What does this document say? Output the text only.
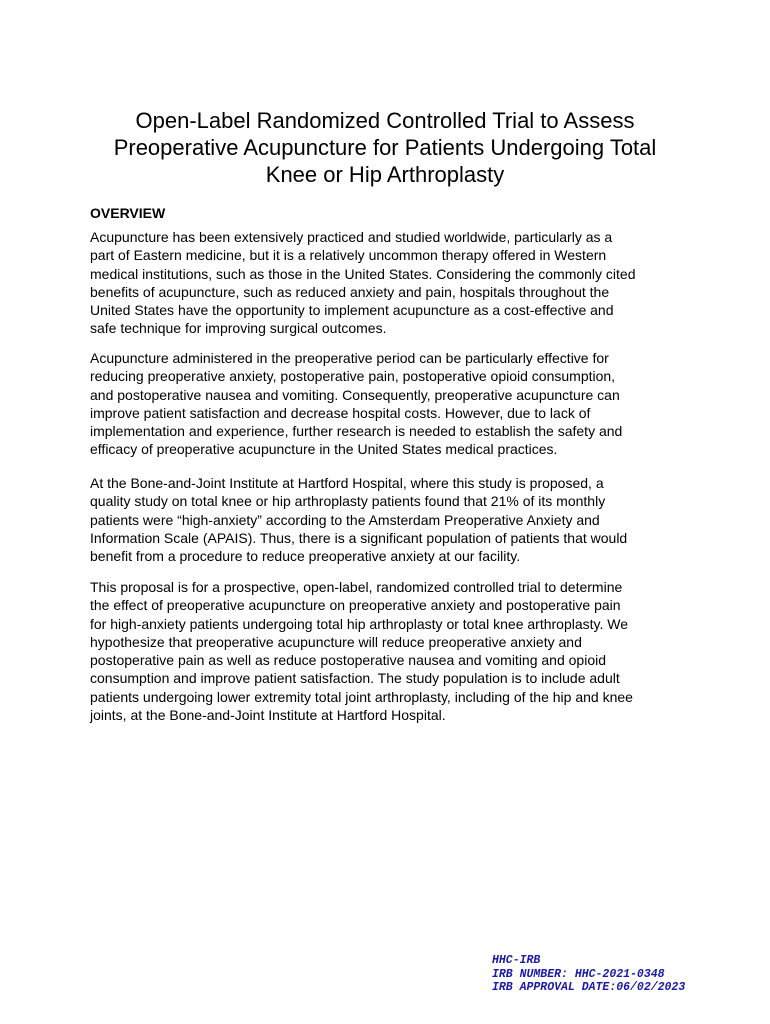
Open-Label Randomized Controlled Trial to Assess
Preoperative Acupuncture for Patients Undergoing Total
Knee or Hip Arthroplasty
OVERVIEW

Acupuncture has been extensively practiced and studied worldwide, particularly as a
part of Eastern medicine, but it is a relatively uncommon therapy offered in Western
medical institutions, such as those in the United States. Considering the commonly cited
benefits of acupuncture, such as reduced anxiety and pain, hospitals throughout the
United States have the opportunity to implement acupuncture as a cost-effective and
safe technique for improving surgical outcomes.

Acupuncture administered in the preoperative period can be particularly effective for
reducing preoperative anxiety, postoperative pain, postoperative opioid consumption,
and postoperative nausea and vomiting. Consequently, preoperative acupuncture can
improve patient satisfaction and decrease hospital costs. However, due to lack of
implementation and experience, further research is needed to establish the safety and
efficacy of preoperative acupuncture in the United States medical practices.

At the Bone-and-Joint Institute at Hartford Hospital, where this study is proposed, a
quality study on total knee or hip arthroplasty patients found that 21% of its monthly
patients were “high-anxiety” according to the Amsterdam Preoperative Anxiety and
Information Scale (APAIS). Thus, there is a significant population of patients that would
benefit from a procedure to reduce preoperative anxiety at our facility.

This proposal is for a prospective, open-label, randomized controlled trial to determine
the effect of preoperative acupuncture on preoperative anxiety and postoperative pain
for high-anxiety patients undergoing total hip arthroplasty or total knee arthroplasty. We
hypothesize that preoperative acupuncture will reduce preoperative anxiety and
postoperative pain as well as reduce postoperative nausea and vomiting and opioid
consumption and improve patient satisfaction. The study population is to include adult
patients undergoing lower extremity total joint arthroplasty, including of the hip and knee
joints, at the Bone-and-Joint Institute at Hartford Hospital.

HHC-IRB
IRB NUMBER: HHC-2021-0348
IRB APPROVAL DATE:06/02/2023
